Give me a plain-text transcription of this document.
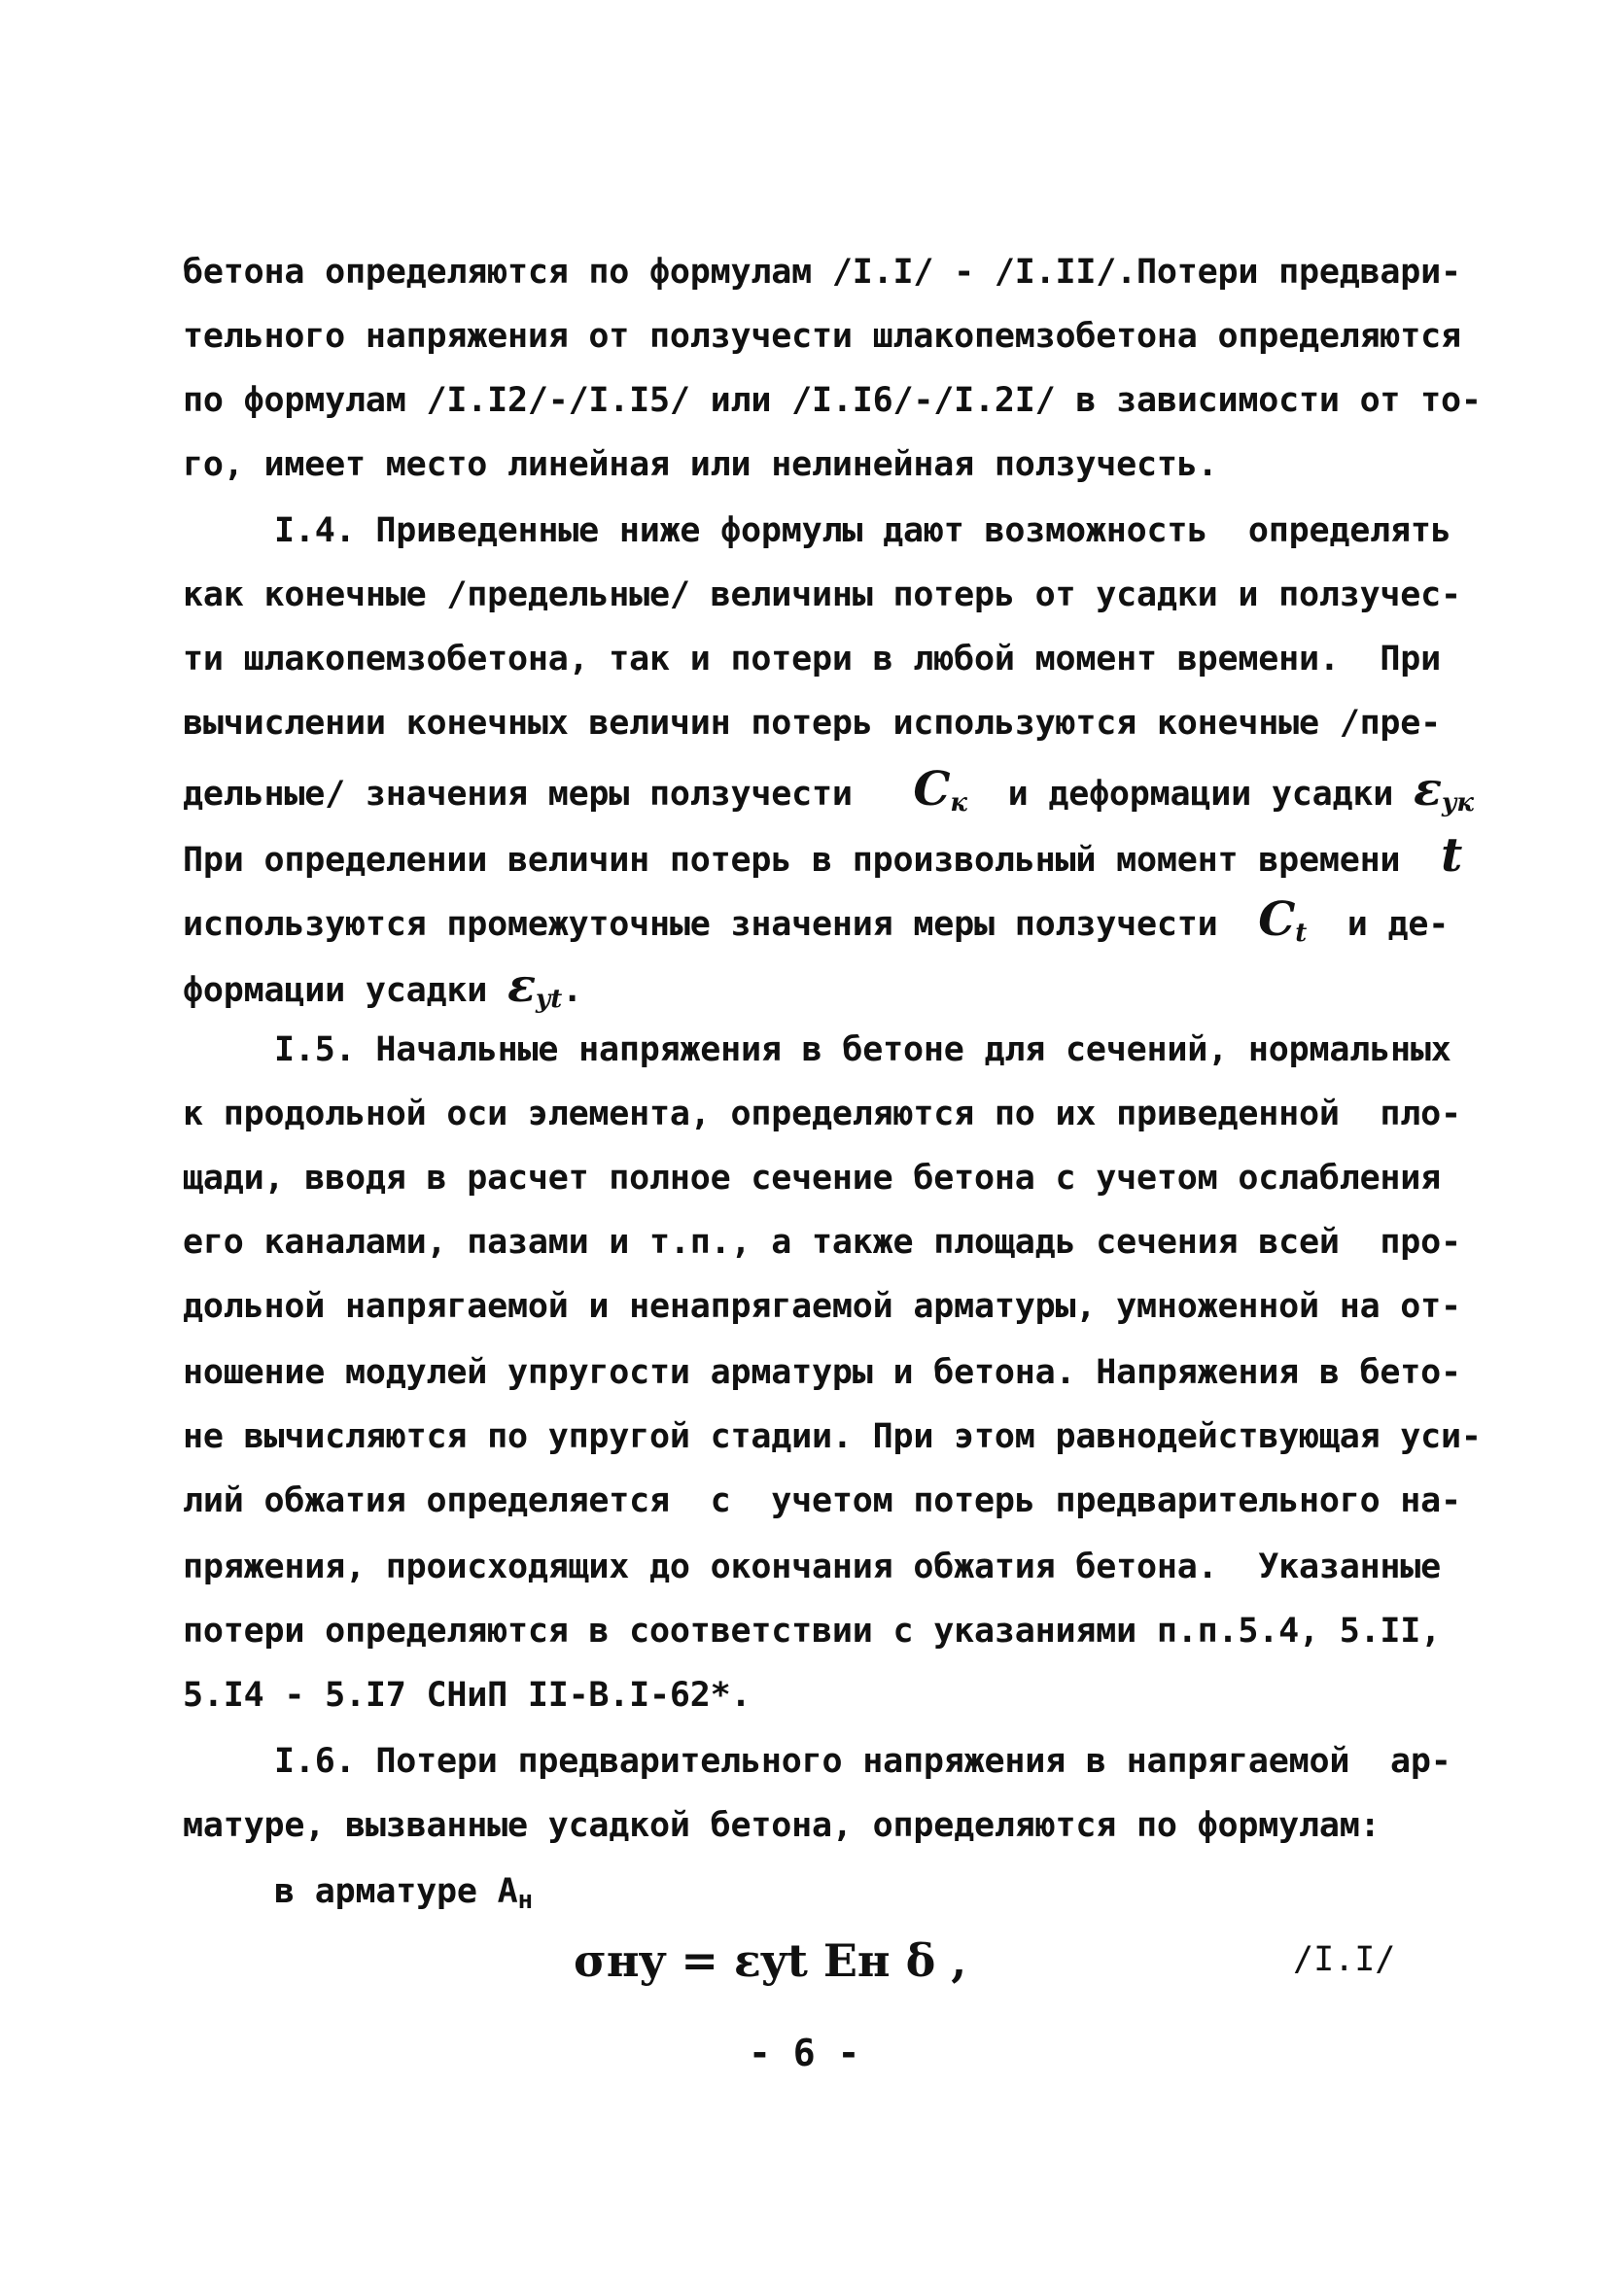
бетона определяются по формулам /I.I/ - /I.II/.Потери предвари-
тельного напряжения от ползучести шлакопемзобетона определяются
по формулам /I.I2/-/I.I5/ или /I.I6/-/I.2I/ в зависимости от то-
го, имеет место линейная или нелинейная ползучесть.
I.4. Приведенные ниже формулы дают возможность  определять
как конечные /предельные/ величины потерь от усадки и ползучес-
ти шлакопемзобетона, так и потери в любой момент времени.  При
вычислении конечных величин потерь используются конечные /пре-
дельные/ значения меры ползучести $C_к$ и деформации усадки $\varepsilon_{ук}$
При определении величин потерь в произвольный момент времени t
используются промежуточные значения меры ползучести $C_t$ и де-
формации усадки $\varepsilon_{уt}$.
I.5. Начальные напряжения в бетоне для сечений, нормальных
к продольной оси элемента, определяются по их приведенной  пло-
щади, вводя в расчет полное сечение бетона с учетом ослабления
его каналами, пазами и т.п., а также площадь сечения всей  про-
дольной напрягаемой и ненапрягаемой арматуры, умноженной на от-
ношение модулей упругости арматуры и бетона. Напряжения в бето-
не вычисляются по упругой стадии. При этом равнодействующая уси-
лий обжатия определяется  с  учетом потерь предварительного на-
пряжения, происходящих до окончания обжатия бетона.  Указанные
потери определяются в соответствии с указаниями п.п.5.4, 5.II,
5.I4 - 5.I7 СНиП II-В.I-62*.
I.6. Потери предварительного напряжения в напрягаемой  ар-
матуре, вызванные усадкой бетона, определяются по формулам:
в арматуре $А_н$
σнy = εyt Eн δ ,	/I.I/
- 6 -
